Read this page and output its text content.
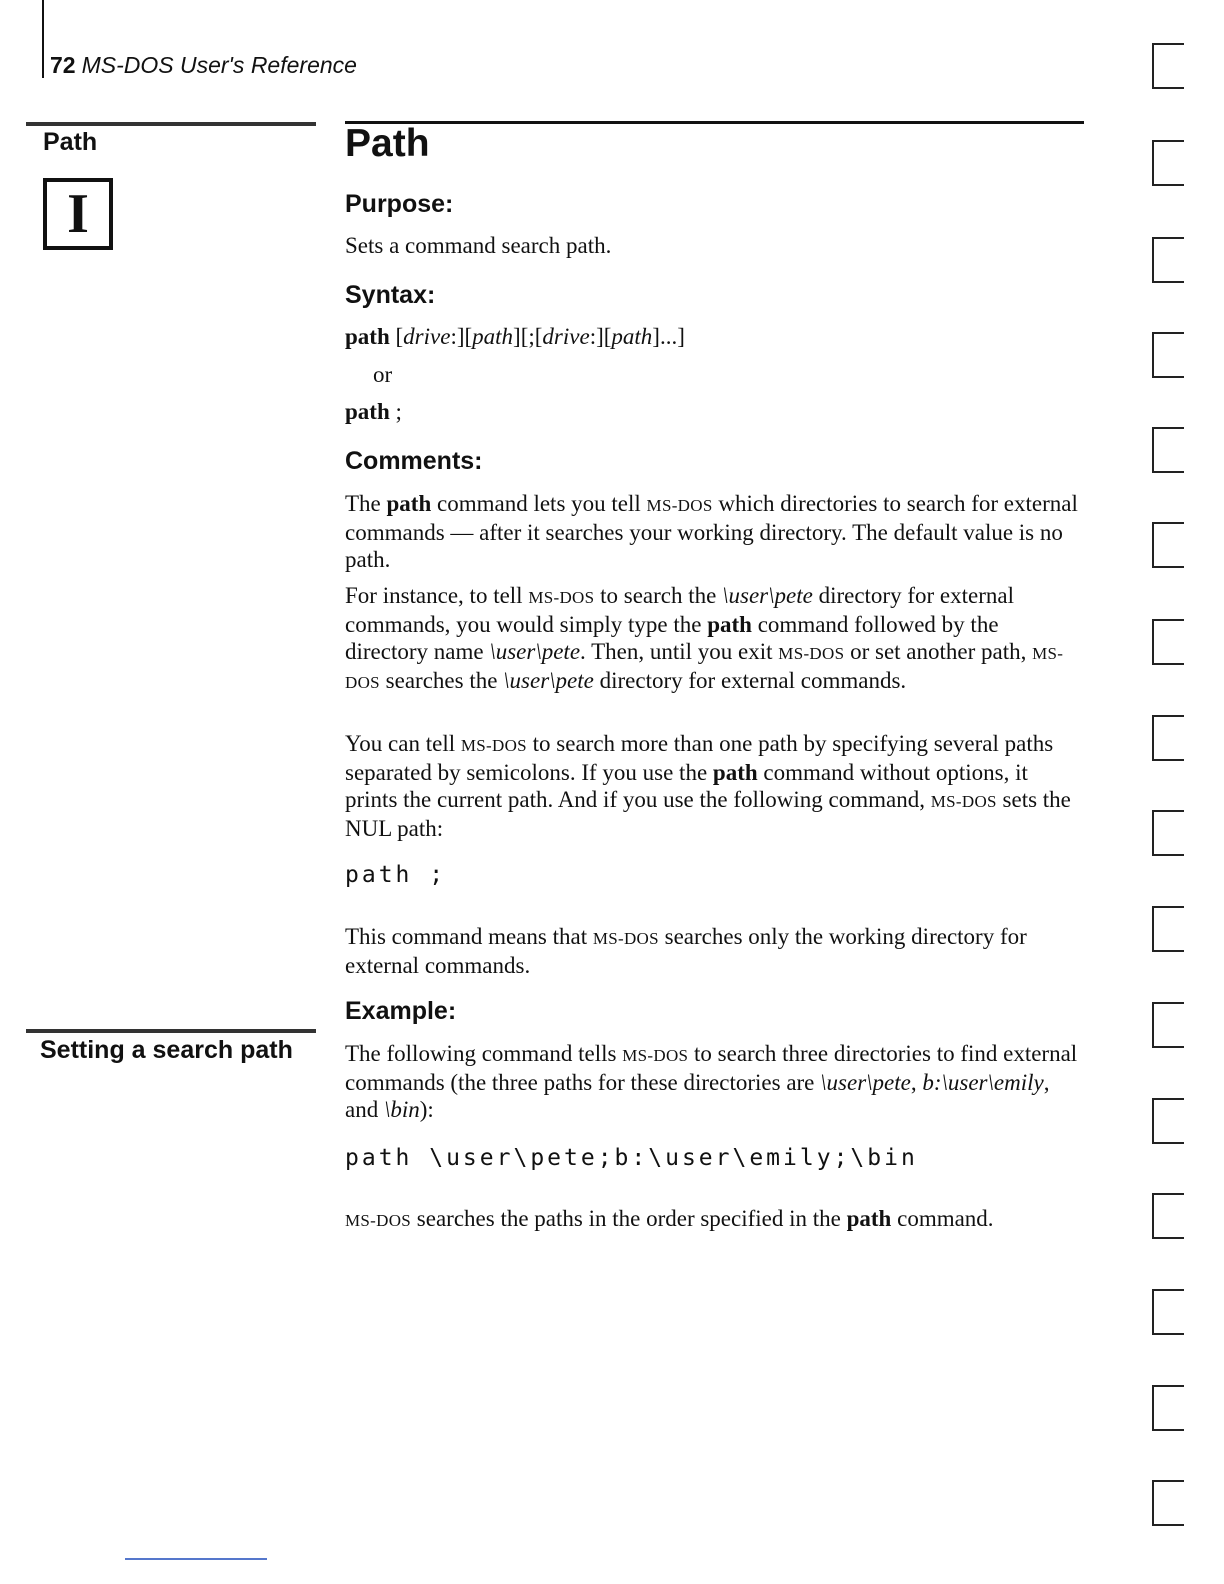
72 MS-DOS User's Reference
Path
I
Setting a search path
Path
Purpose:

Sets a command search path.

Syntax:

path [drive:][path][;[drive:][path]...]

or

path ;

Comments:

The path command lets you tell MS-DOS which directories to search for external commands — after it searches your working directory. The default value is no path.

For instance, to tell MS-DOS to search the \user\pete directory for external commands, you would simply type the path command followed by the directory name \user\pete. Then, until you exit MS-DOS or set another path, MS-DOS searches the \user\pete directory for external commands.

You can tell MS-DOS to search more than one path by specifying several paths separated by semicolons. If you use the path command without options, it prints the current path. And if you use the following command, MS-DOS sets the NUL path:

path ;

This command means that MS-DOS searches only the working directory for external commands.

Example:

The following command tells MS-DOS to search three directories to find external commands (the three paths for these directories are \user\pete, b:\user\emily, and \bin):

path \user\pete;b:\user\emily;\bin

MS-DOS searches the paths in the order specified in the path command.
